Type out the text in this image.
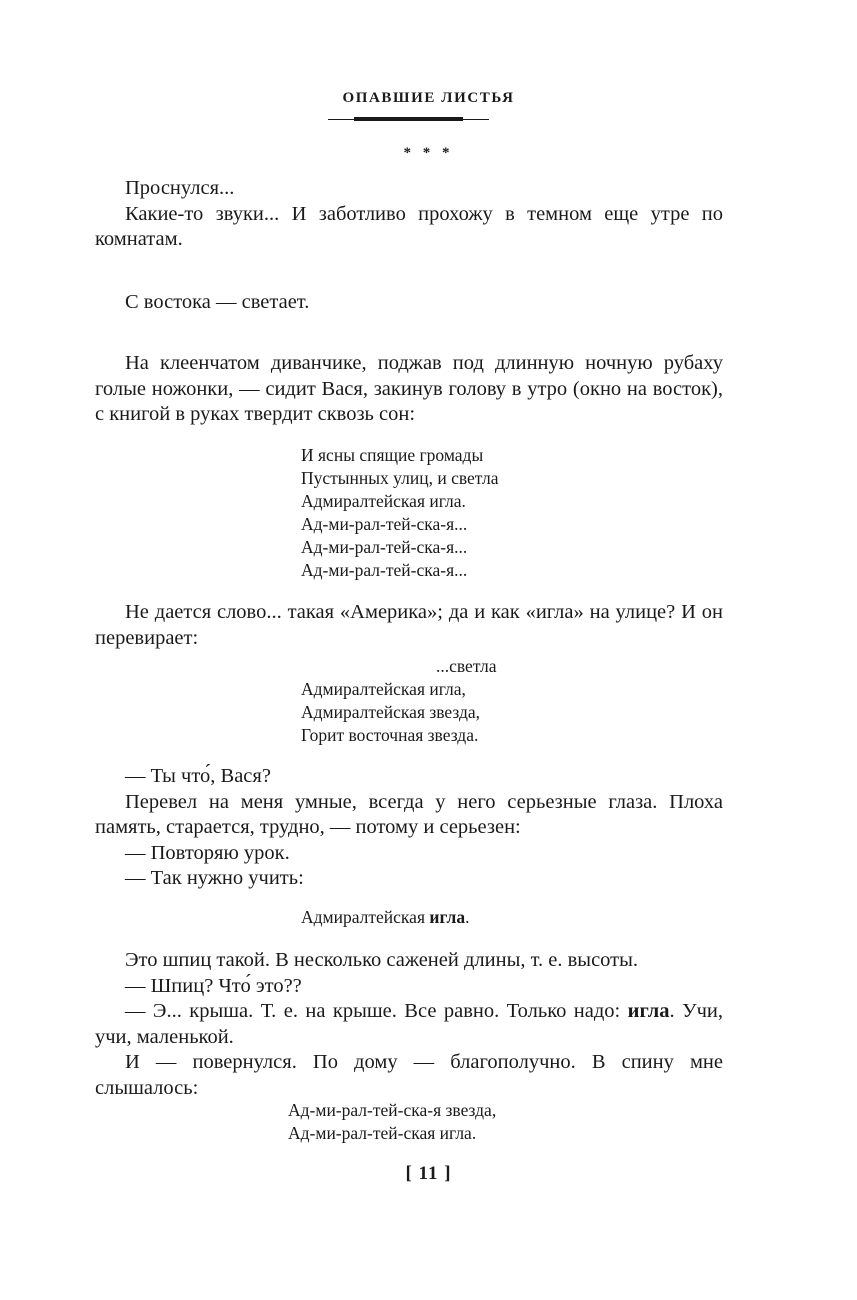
ОПАВШИЕ ЛИСТЬЯ
* * *

Проснулся...

Какие-то звуки... И заботливо прохожу в темном еще утре по комнатам.

С востока — светает.

На клеенчатом диванчике, поджав под длинную ночную рубаху голые ножонки, — сидит Вася, закинув голову в утро (окно на восток), с книгой в руках твердит сквозь сон:

И ясны спящие громады
Пустынных улиц, и светла
Адмиралтейская игла.
Ад-ми-рал-тей-ска-я...
Ад-ми-рал-тей-ска-я...
Ад-ми-рал-тей-ска-я...

Не дается слово... такая «Америка»; да и как «игла» на улице? И он перевирает:

...светла
Адмиралтейская игла,
Адмиралтейская звезда,
Горит восточная звезда.

— Ты что́, Вася?

Перевел на меня умные, всегда у него серьезные глаза. Плоха память, старается, трудно, — потому и серьезен:

— Повторяю урок.

— Так нужно учить:

Адмиралтейская игла.

Это шпиц такой. В несколько саженей длины, т. е. высоты.

— Шпиц? Что́ это??

— Э... крыша. Т. е. на крыше. Все равно. Только надо: игла. Учи, учи, маленькой.

И — повернулся. По дому — благополучно. В спину мне слышалось:

Ад-ми-рал-тей-ска-я звезда,
Ад-ми-рал-тей-ская игла.
[ 11 ]
